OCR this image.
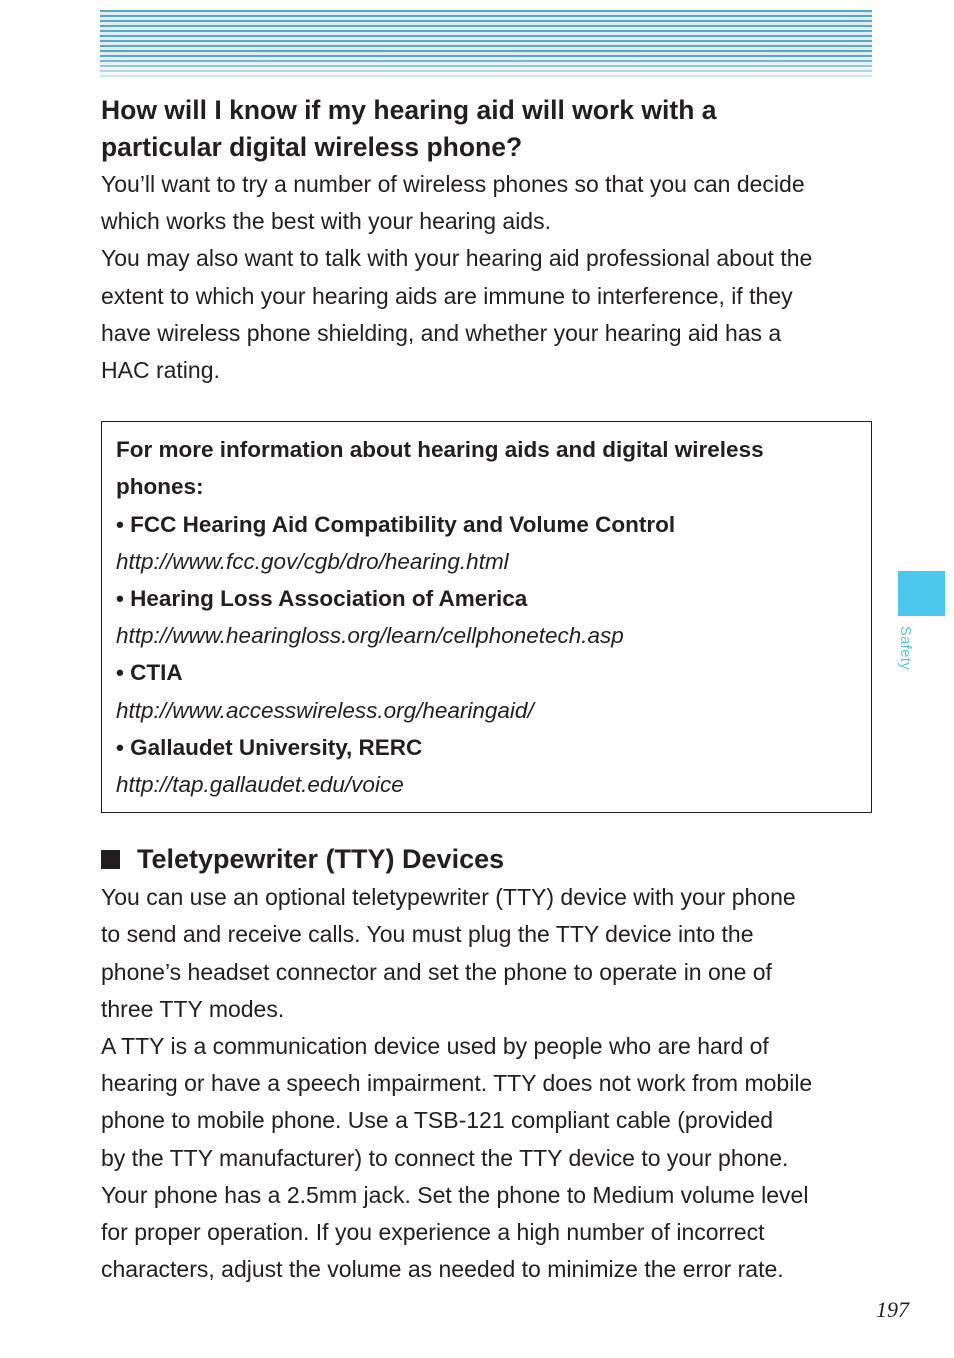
How will I know if my hearing aid will work with a
particular digital wireless phone?

You’ll want to try a number of wireless phones so that you can decide
which works the best with your hearing aids.

You may also want to talk with your hearing aid professional about the
extent to which your hearing aids are immune to interference, if they
have wireless phone shielding, and whether your hearing aid has a
HAC rating.

For more information about hearing aids and digital wireless
phones:
• FCC Hearing Aid Compatibility and Volume Control
http://www.fcc.gov/cgb/dro/hearing.html
• Hearing Loss Association of America
http://www.hearingloss.org/learn/cellphonetech.asp
• CTIA
http://www.accesswireless.org/hearingaid/
• Gallaudet University, RERC
http://tap.gallaudet.edu/voice
Teletypewriter (TTY) Devices

You can use an optional teletypewriter (TTY) device with your phone
to send and receive calls. You must plug the TTY device into the
phone’s headset connector and set the phone to operate in one of
three TTY modes.

A TTY is a communication device used by people who are hard of
hearing or have a speech impairment. TTY does not work from mobile
phone to mobile phone. Use a TSB-121 compliant cable (provided
by the TTY manufacturer) to connect the TTY device to your phone.
Your phone has a 2.5mm jack. Set the phone to Medium volume level
for proper operation. If you experience a high number of incorrect
characters, adjust the volume as needed to minimize the error rate.

Safety
197
